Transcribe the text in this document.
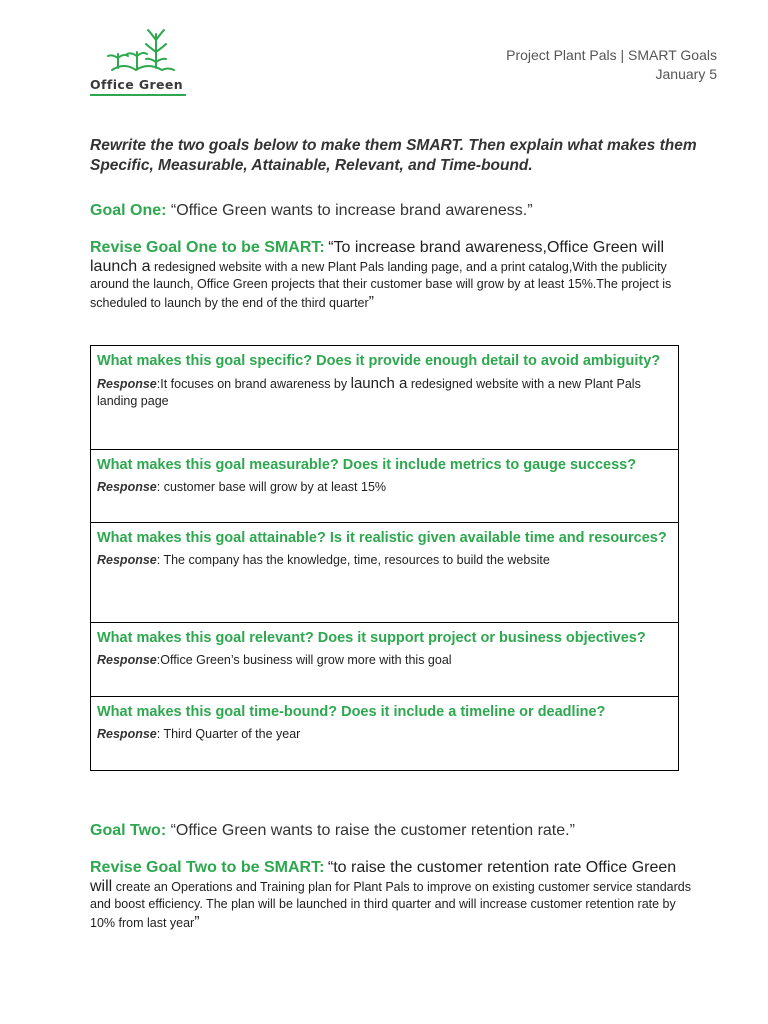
Office Green
Project Plant Pals | SMART Goals
January 5
Rewrite the two goals below to make them SMART. Then explain what makes them Specific, Measurable, Attainable, Relevant, and Time-bound.
Goal One: “Office Green wants to increase brand awareness.”
Revise Goal One to be SMART: “To increase brand awareness,Office Green will launch a redesigned website with a new Plant Pals landing page, and a print catalog,With the publicity around the launch, Office Green projects that their customer base will grow by at least 15%.The project is scheduled to launch by the end of the third quarter”
What makes this goal specific? Does it provide enough detail to avoid ambiguity?
Response:It focuses on brand awareness by launch a redesigned website with a new Plant Pals landing page
What makes this goal measurable? Does it include metrics to gauge success?
Response: customer base will grow by at least 15%
What makes this goal attainable? Is it realistic given available time and resources?
Response: The company has the knowledge, time, resources to build the website
What makes this goal relevant? Does it support project or business objectives?
Response:Office Green’s business will grow more with this goal
What makes this goal time-bound? Does it include a timeline or deadline?
Response: Third Quarter of the year
Goal Two: “Office Green wants to raise the customer retention rate.”
Revise Goal Two to be SMART: “to raise the customer retention rate Office Green will create an Operations and Training plan for Plant Pals to improve on existing customer service standards and boost efficiency. The plan will be launched in third quarter and will increase customer retention rate by 10% from last year”
